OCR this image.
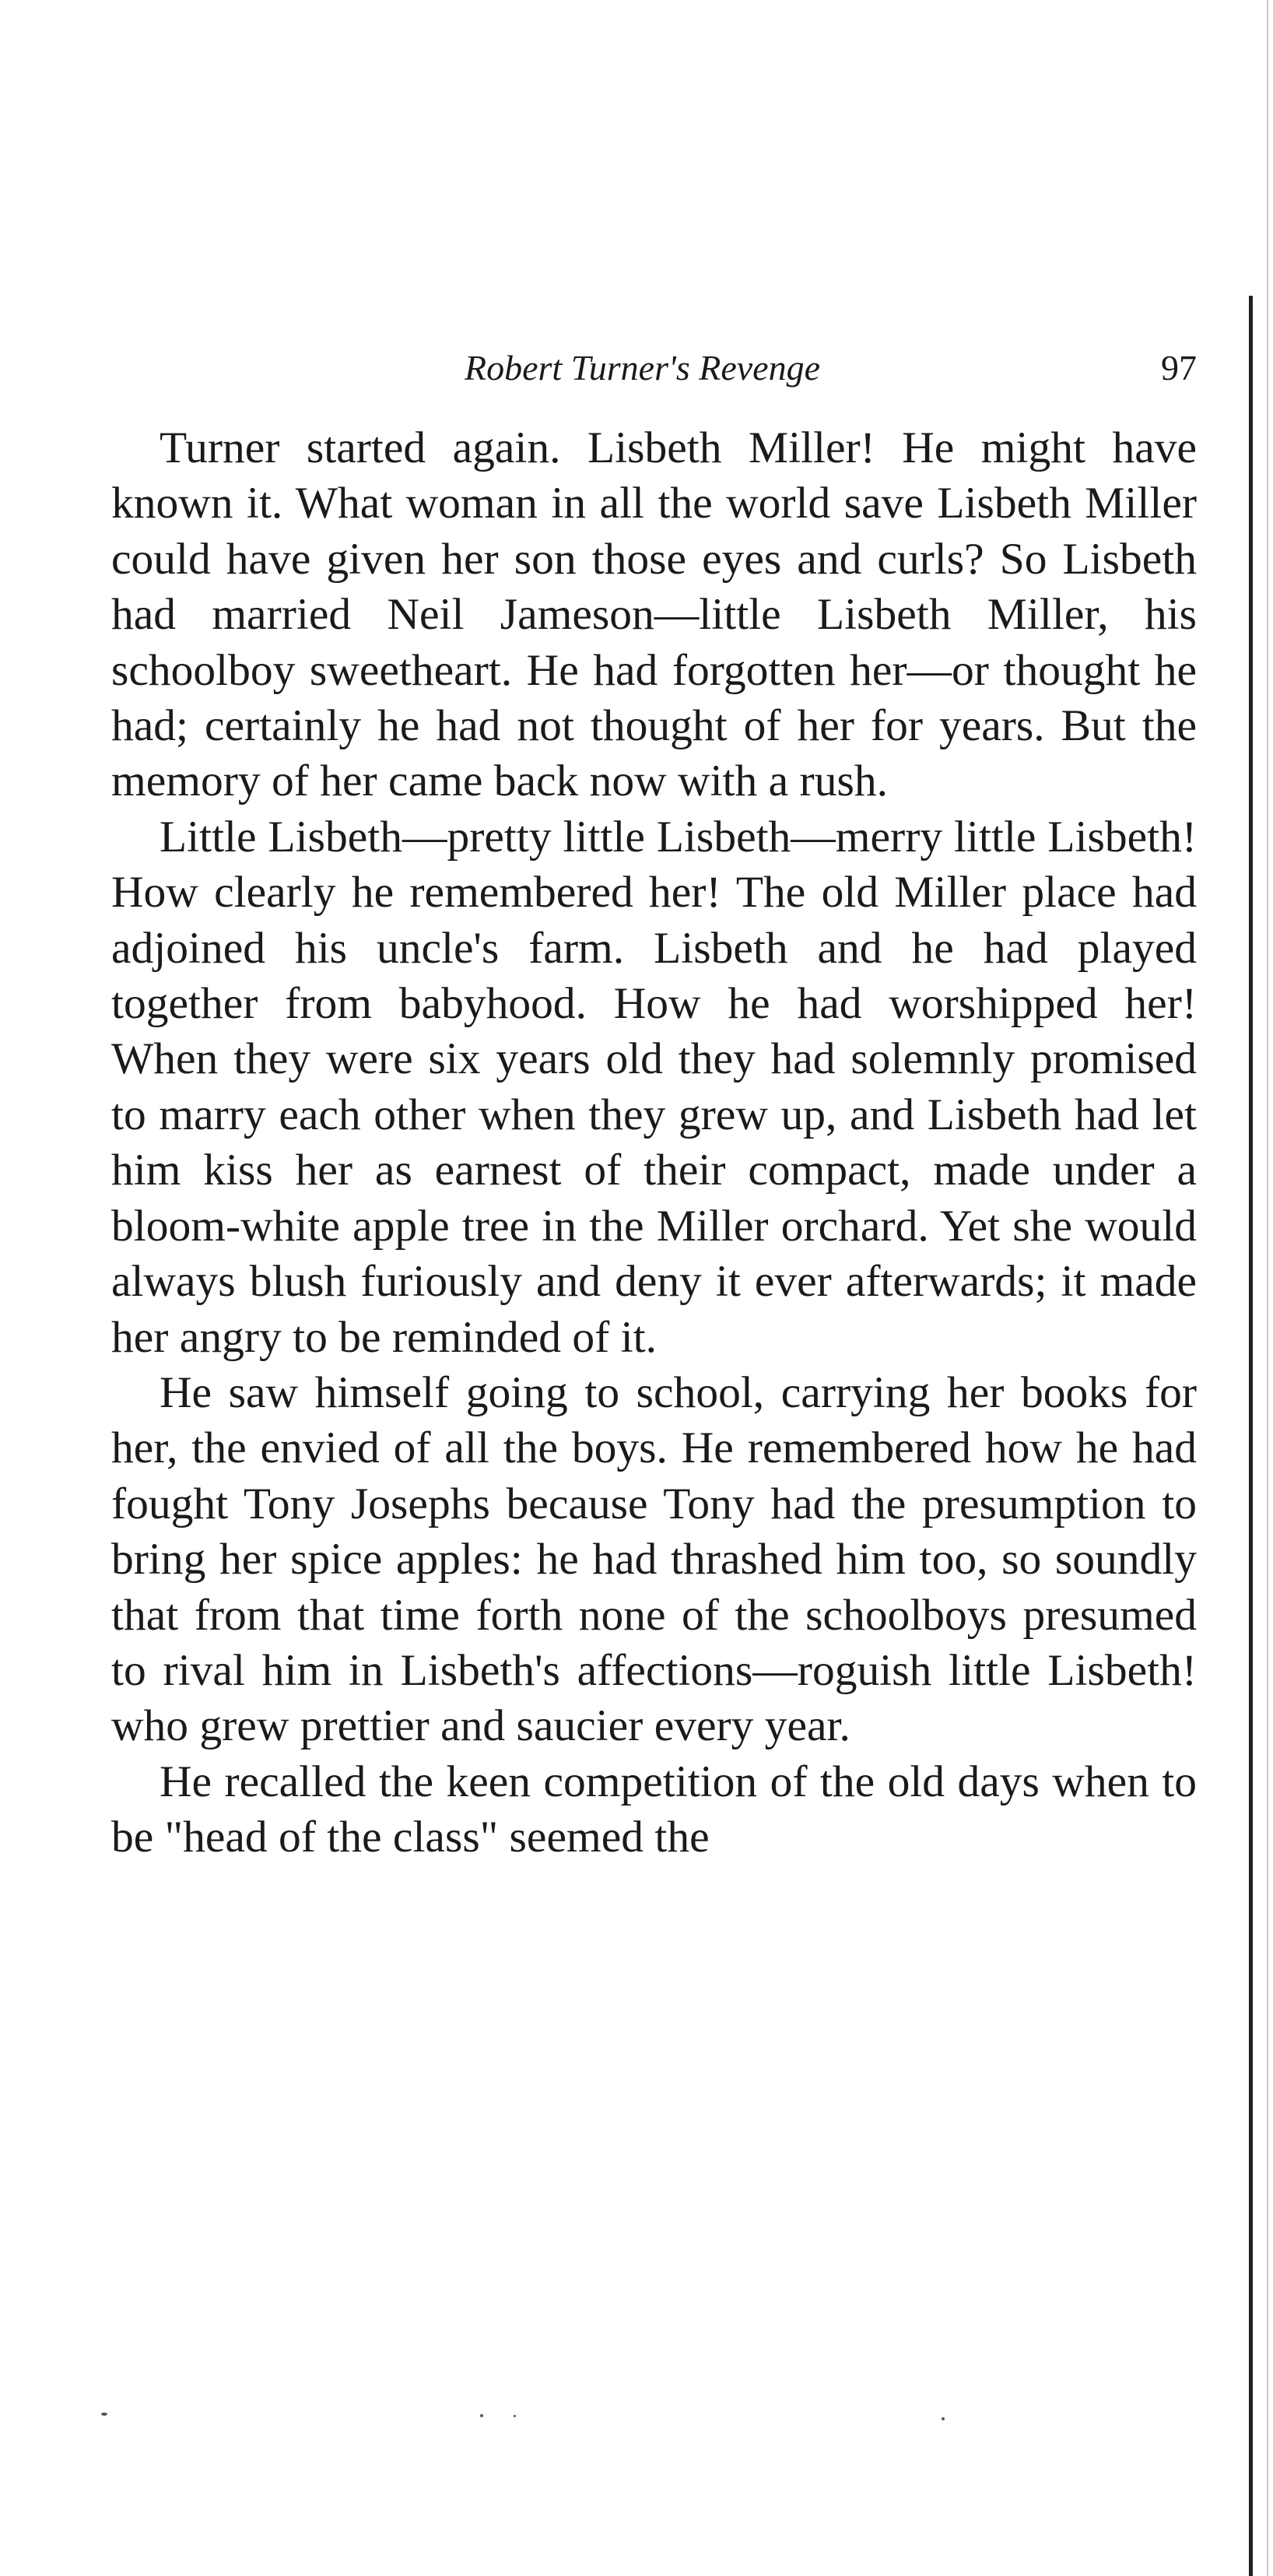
Robert Turner's Revenge	97

Turner started again. Lisbeth Miller! He might have known it. What woman in all the world save Lisbeth Miller could have given her son those eyes and curls? So Lisbeth had married Neil Jameson—little Lisbeth Miller, his schoolboy sweetheart. He had forgotten her—or thought he had; certainly he had not thought of her for years. But the memory of her came back now with a rush.

Little Lisbeth—pretty little Lisbeth—merry little Lisbeth! How clearly he remembered her! The old Miller place had adjoined his uncle's farm. Lisbeth and he had played together from babyhood. How he had worshipped her! When they were six years old they had solemnly promised to marry each other when they grew up, and Lisbeth had let him kiss her as earnest of their compact, made under a bloom-white apple tree in the Miller orchard. Yet she would always blush furiously and deny it ever afterwards; it made her angry to be reminded of it.

He saw himself going to school, carrying her books for her, the envied of all the boys. He remembered how he had fought Tony Josephs because Tony had the presumption to bring her spice apples: he had thrashed him too, so soundly that from that time forth none of the schoolboys presumed to rival him in Lisbeth's affections—roguish little Lisbeth! who grew prettier and saucier every year.

He recalled the keen competition of the old days when to be "head of the class" seemed the
